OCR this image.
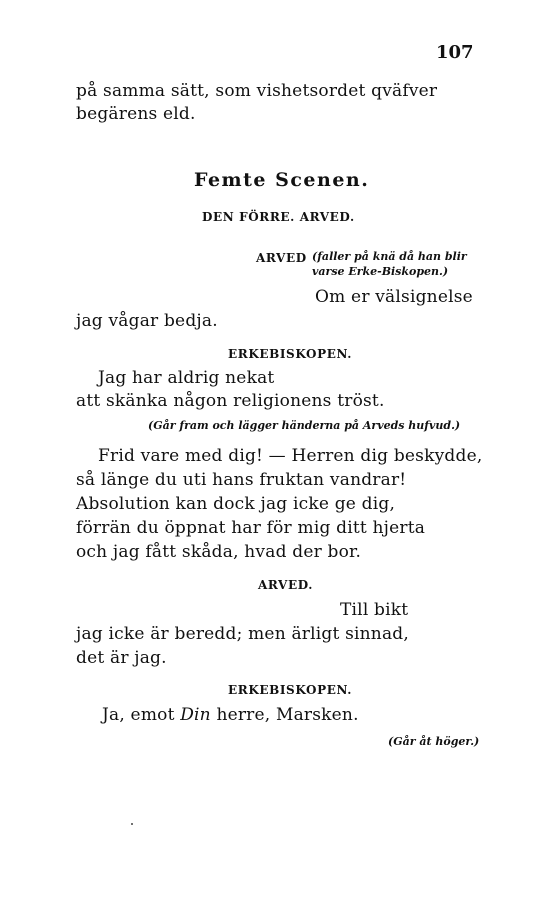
107
på samma sätt, som vishetsordet qväfver
begärens eld.
Femte Scenen.
DEN FÖRRE. ARVED.
ARVED (faller på knä då han blir
varse Erke-Biskopen.)
Om er välsignelse
jag vågar bedja.
ERKEBISKOPEN.
Jag har aldrig nekat
att skänka någon religionens tröst.
(Går fram och lägger händerna på Arveds hufvud.)
Frid vare med dig! — Herren dig beskydde,
så länge du uti hans fruktan vandrar!
Absolution kan dock jag icke ge dig,
förrän du öppnat har för mig ditt hjerta
och jag fått skåda, hvad der bor.
ARVED.
Till bikt
jag icke är beredd; men ärligt sinnad,
det är jag.
ERKEBISKOPEN.
Ja, emot Din herre, Marsken.
(Går åt höger.)
